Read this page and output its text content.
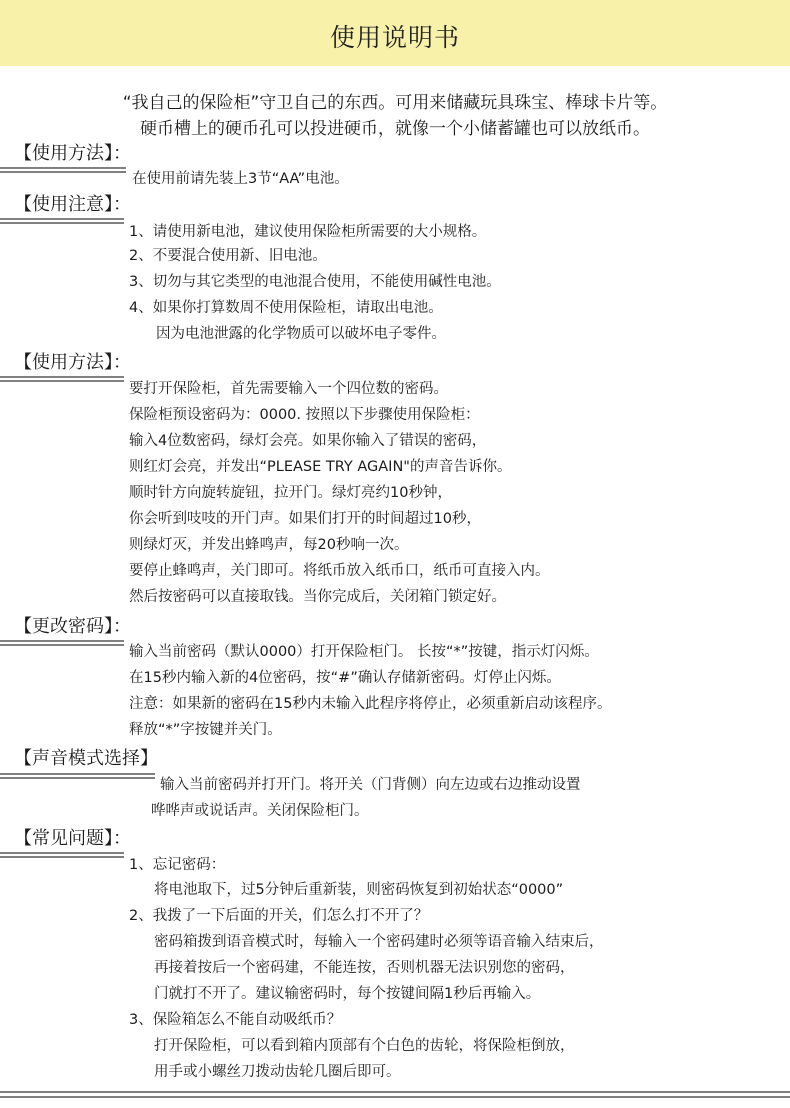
使用说明书
“我自己的保险柜”守卫自己的东西。可用来储藏玩具珠宝、棒球卡片等。
硬币槽上的硬币孔可以投进硬币，就像一个小储蓄罐也可以放纸币。
【使用方法】：
在使用前请先装上3节“AA”电池。
【使用注意】：
1、请使用新电池，建议使用保险柜所需要的大小规格。
2、不要混合使用新、旧电池。
3、切勿与其它类型的电池混合使用，不能使用碱性电池。
4、如果你打算数周不使用保险柜，请取出电池。
因为电池泄露的化学物质可以破坏电子零件。
【使用方法】：
要打开保险柜，首先需要输入一个四位数的密码。
保险柜预设密码为：0000. 按照以下步骤使用保险柜：
输入4位数密码，绿灯会亮。如果你输入了错误的密码，
则红灯会亮，并发出“PLEASE TRY AGAIN"的声音告诉你。
顺时针方向旋转旋钮，拉开门。绿灯亮约10秒钟，
你会听到吱吱的开门声。如果们打开的时间超过10秒，
则绿灯灭，并发出蜂鸣声，每20秒响一次。
要停止蜂鸣声，关门即可。将纸币放入纸币口，纸币可直接入内。
然后按密码可以直接取钱。当你完成后，关闭箱门锁定好。
【更改密码】：
输入当前密码（默认0000）打开保险柜门。 长按“*”按键，指示灯闪烁。
在15秒内输入新的4位密码，按“#”确认存储新密码。灯停止闪烁。
注意：如果新的密码在15秒内未输入此程序将停止，必须重新启动该程序。
释放“*”字按键并关门。
【声音模式选择】
输入当前密码并打开门。将开关（门背侧）向左边或右边推动设置
哗哗声或说话声。关闭保险柜门。
【常见问题】：
1、忘记密码：
将电池取下，过5分钟后重新装，则密码恢复到初始状态“0000”
2、我拨了一下后面的开关，们怎么打不开了？
密码箱拨到语音模式时，每输入一个密码建时必须等语音输入结束后，
再接着按后一个密码建，不能连按，否则机器无法识别您的密码，
门就打不开了。建议输密码时，每个按键间隔1秒后再输入。
3、保险箱怎么不能自动吸纸币？
打开保险柜，可以看到箱内顶部有个白色的齿轮，将保险柜倒放，
用手或小螺丝刀拨动齿轮几圈后即可。
